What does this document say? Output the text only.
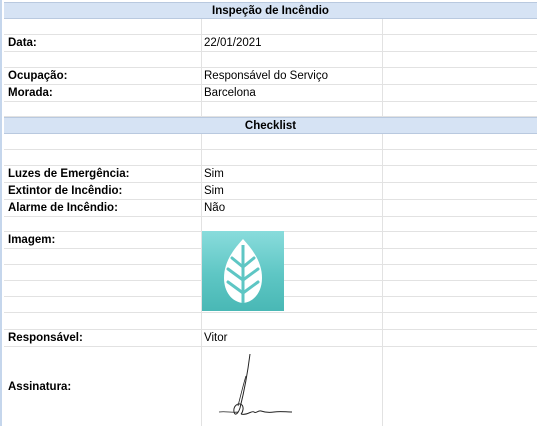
Inspeção de Incêndio
Data:	22/01/2021
Ocupação:	Responsável do Serviço
Morada:	Barcelona
Checklist
Luzes de Emergência:	Sim
Extintor de Incêndio:	Sim
Alarme de Incêndio:	Não
Imagem:
Responsável:	Vitor
Assinatura:
